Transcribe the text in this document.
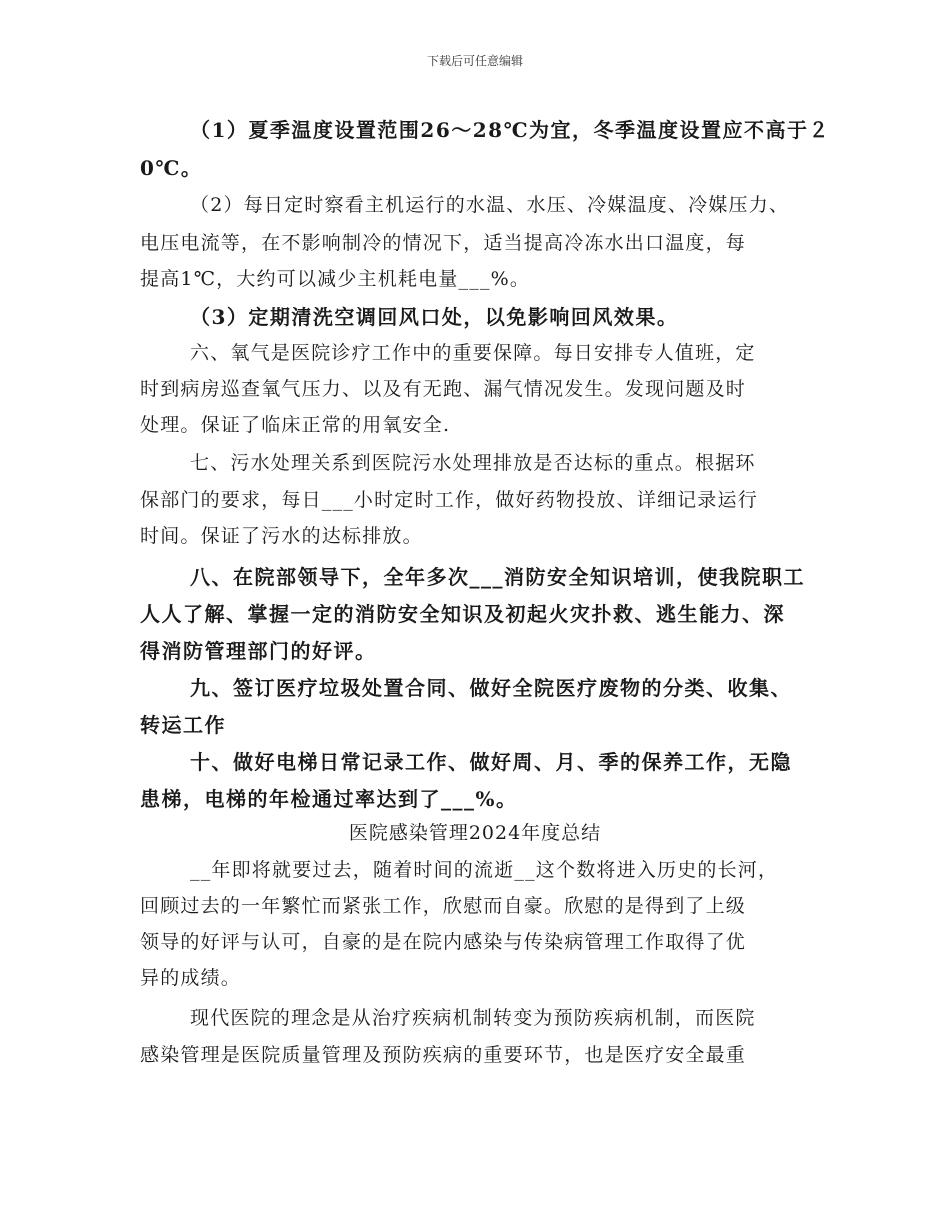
下载后可任意编辑
（1）夏季温度设置范围26～28℃为宜，冬季温度设置应不高于２
0℃。
（2）每日定时察看主机运行的水温、水压、冷媒温度、冷媒压力、
电压电流等，在不影响制冷的情况下，适当提高冷冻水出口温度，每
提高1℃，大约可以减少主机耗电量___%。
（3）定期清洗空调回风口处，以免影响回风效果。
六、氧气是医院诊疗工作中的重要保障。每日安排专人值班，定
时到病房巡查氧气压力、以及有无跑、漏气情况发生。发现问题及时
处理。保证了临床正常的用氧安全.
七、污水处理关系到医院污水处理排放是否达标的重点。根据环
保部门的要求，每日___小时定时工作，做好药物投放、详细记录运行
时间。保证了污水的达标排放。
八、在院部领导下，全年多次___消防安全知识培训，使我院职工
人人了解、掌握一定的消防安全知识及初起火灾扑救、逃生能力、深
得消防管理部门的好评。
九、签订医疗垃圾处置合同、做好全院医疗废物的分类、收集、
转运工作
十、做好电梯日常记录工作、做好周、月、季的保养工作，无隐
患梯，电梯的年检通过率达到了___%。
医院感染管理2024年度总结
__年即将就要过去，随着时间的流逝__这个数将进入历史的长河，
回顾过去的一年繁忙而紧张工作，欣慰而自豪。欣慰的是得到了上级
领导的好评与认可，自豪的是在院内感染与传染病管理工作取得了优
异的成绩。
现代医院的理念是从治疗疾病机制转变为预防疾病机制，而医院
感染管理是医院质量管理及预防疾病的重要环节，也是医疗安全最重
